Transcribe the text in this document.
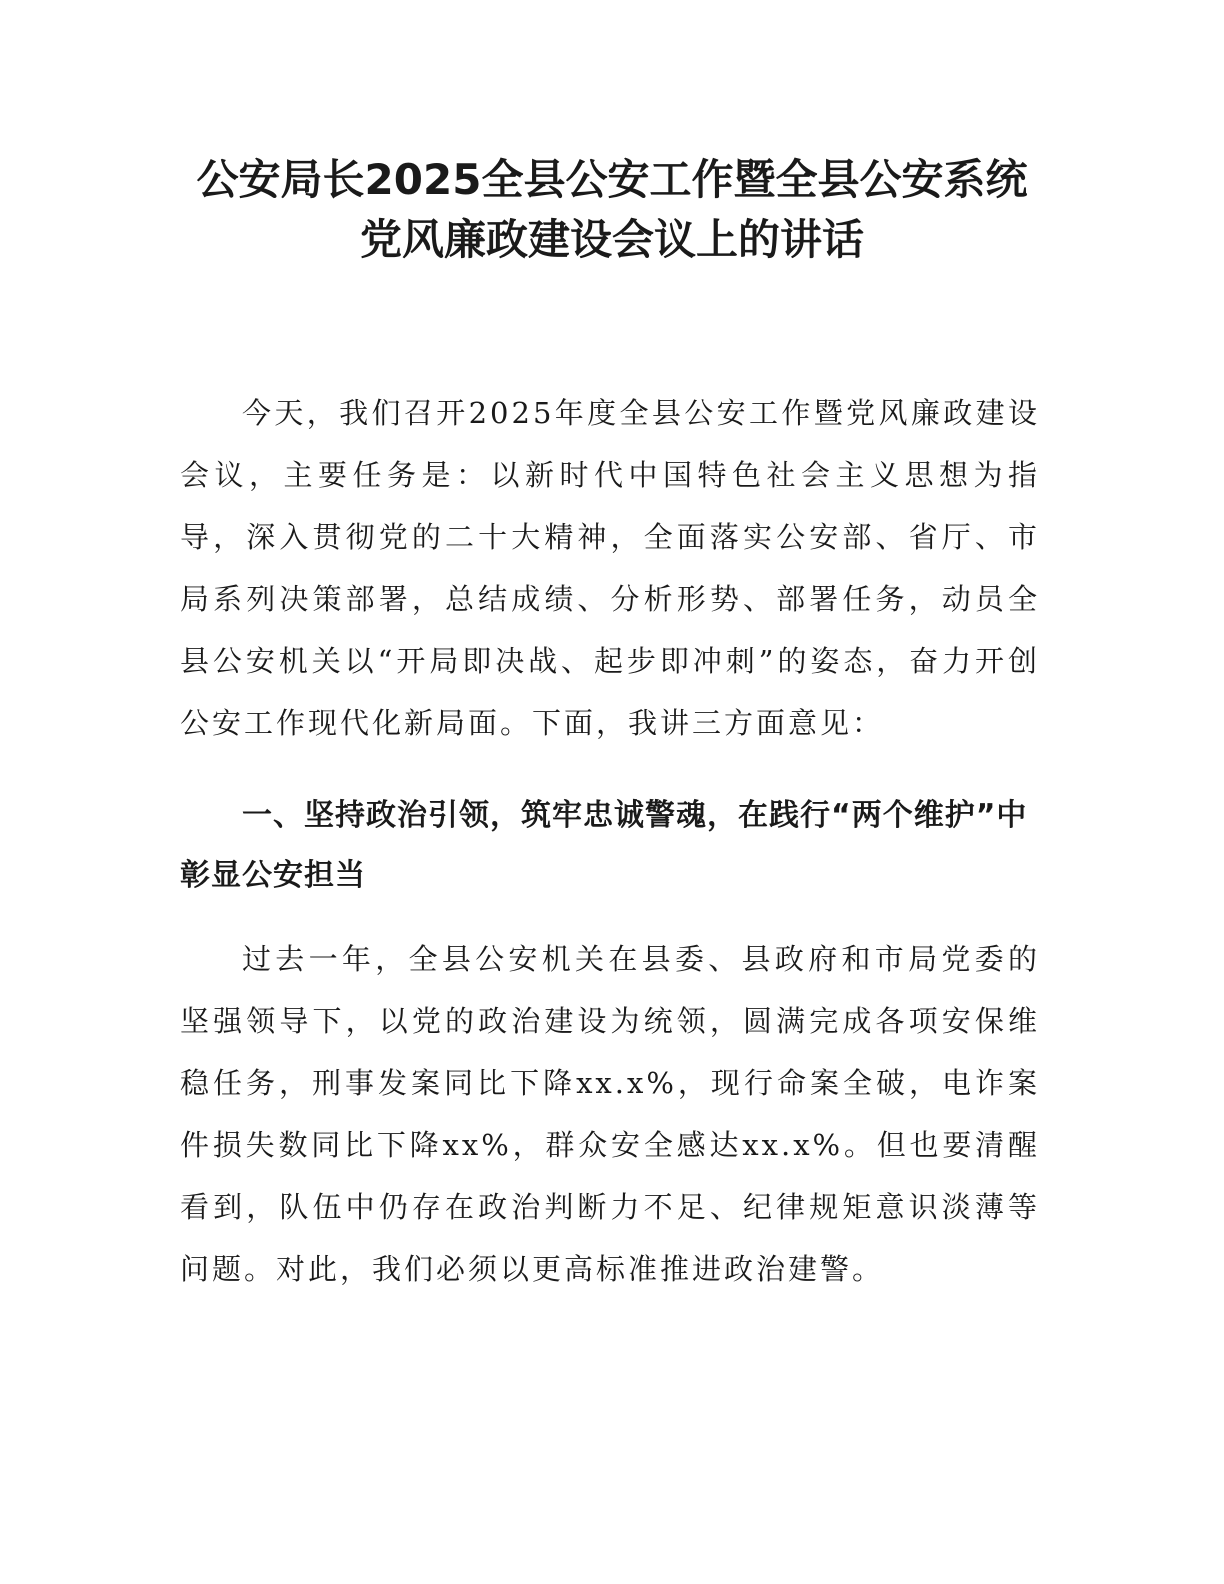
公安局长2025全县公安工作暨全县公安系统
党风廉政建设会议上的讲话

今天，我们召开2025年度全县公安工作暨党风廉政建设会议，主要任务是：以新时代中国特色社会主义思想为指导，深入贯彻党的二十大精神，全面落实公安部、省厅、市局系列决策部署，总结成绩、分析形势、部署任务，动员全县公安机关以“开局即决战、起步即冲刺”的姿态，奋力开创公安工作现代化新局面。下面，我讲三方面意见：

一、坚持政治引领，筑牢忠诚警魂，在践行“两个维护”中彰显公安担当

过去一年，全县公安机关在县委、县政府和市局党委的坚强领导下，以党的政治建设为统领，圆满完成各项安保维稳任务，刑事发案同比下降xx.x%，现行命案全破，电诈案件损失数同比下降xx%，群众安全感达xx.x%。但也要清醒看到，队伍中仍存在政治判断力不足、纪律规矩意识淡薄等问题。对此，我们必须以更高标准推进政治建警。
